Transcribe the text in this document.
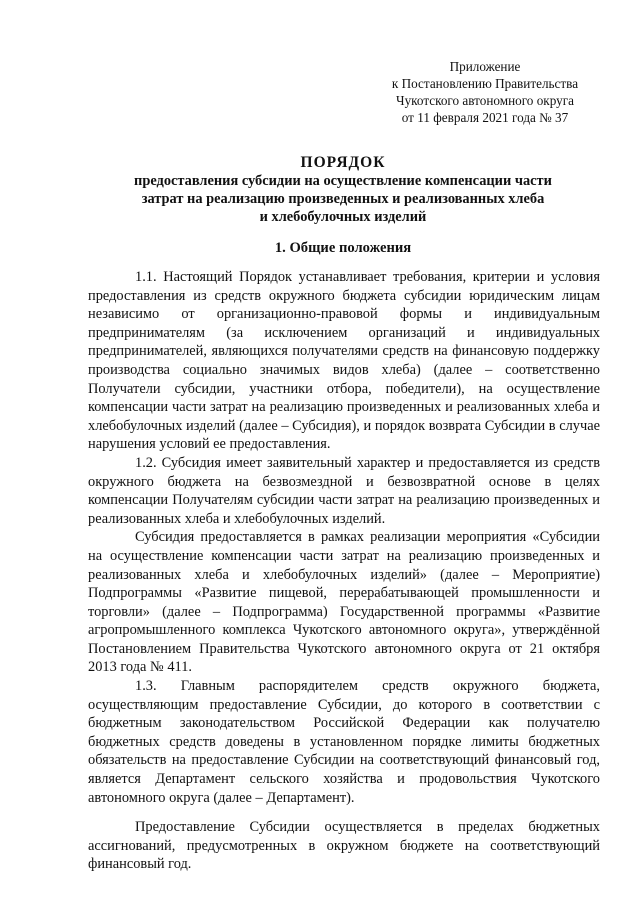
Приложение
к Постановлению Правительства
Чукотского автономного округа
от 11 февраля 2021 года № 37
ПОРЯДОК
предоставления субсидии на осуществление компенсации части
затрат на реализацию произведенных и реализованных хлеба
и хлебобулочных изделий
1. Общие положения

1.1. Настоящий Порядок устанавливает требования, критерии и условия предоставления из средств окружного бюджета субсидии юридическим лицам независимо от организационно-правовой формы и индивидуальным предпринимателям (за исключением организаций и индивидуальных предпринимателей, являющихся получателями средств на финансовую поддержку производства социально значимых видов хлеба) (далее – соответственно Получатели субсидии, участники отбора, победители), на осуществление компенсации части затрат на реализацию произведенных и реализованных хлеба и хлебобулочных изделий (далее – Субсидия), и порядок возврата Субсидии в случае нарушения условий ее предоставления.

1.2. Субсидия имеет заявительный характер и предоставляется из средств окружного бюджета на безвозмездной и безвозвратной основе в целях компенсации Получателям субсидии части затрат на реализацию произведенных и реализованных хлеба и хлебобулочных изделий.

Субсидия предоставляется в рамках реализации мероприятия «Субсидии на осуществление компенсации части затрат на реализацию произведенных и реализованных хлеба и хлебобулочных изделий» (далее – Мероприятие) Подпрограммы «Развитие пищевой, перерабатывающей промышленности и торговли» (далее – Подпрограмма) Государственной программы «Развитие агропромышленного комплекса Чукотского автономного округа», утверждённой Постановлением Правительства Чукотского автономного округа от 21 октября 2013 года № 411.

1.3. Главным распорядителем средств окружного бюджета, осуществляющим предоставление Субсидии, до которого в соответствии с бюджетным законодательством Российской Федерации как получателю бюджетных средств доведены в установленном порядке лимиты бюджетных обязательств на предоставление Субсидии на соответствующий финансовый год, является Департамент сельского хозяйства и продовольствия Чукотского автономного округа (далее – Департамент).

Предоставление Субсидии осуществляется в пределах бюджетных ассигнований, предусмотренных в окружном бюджете на соответствующий финансовый год.
